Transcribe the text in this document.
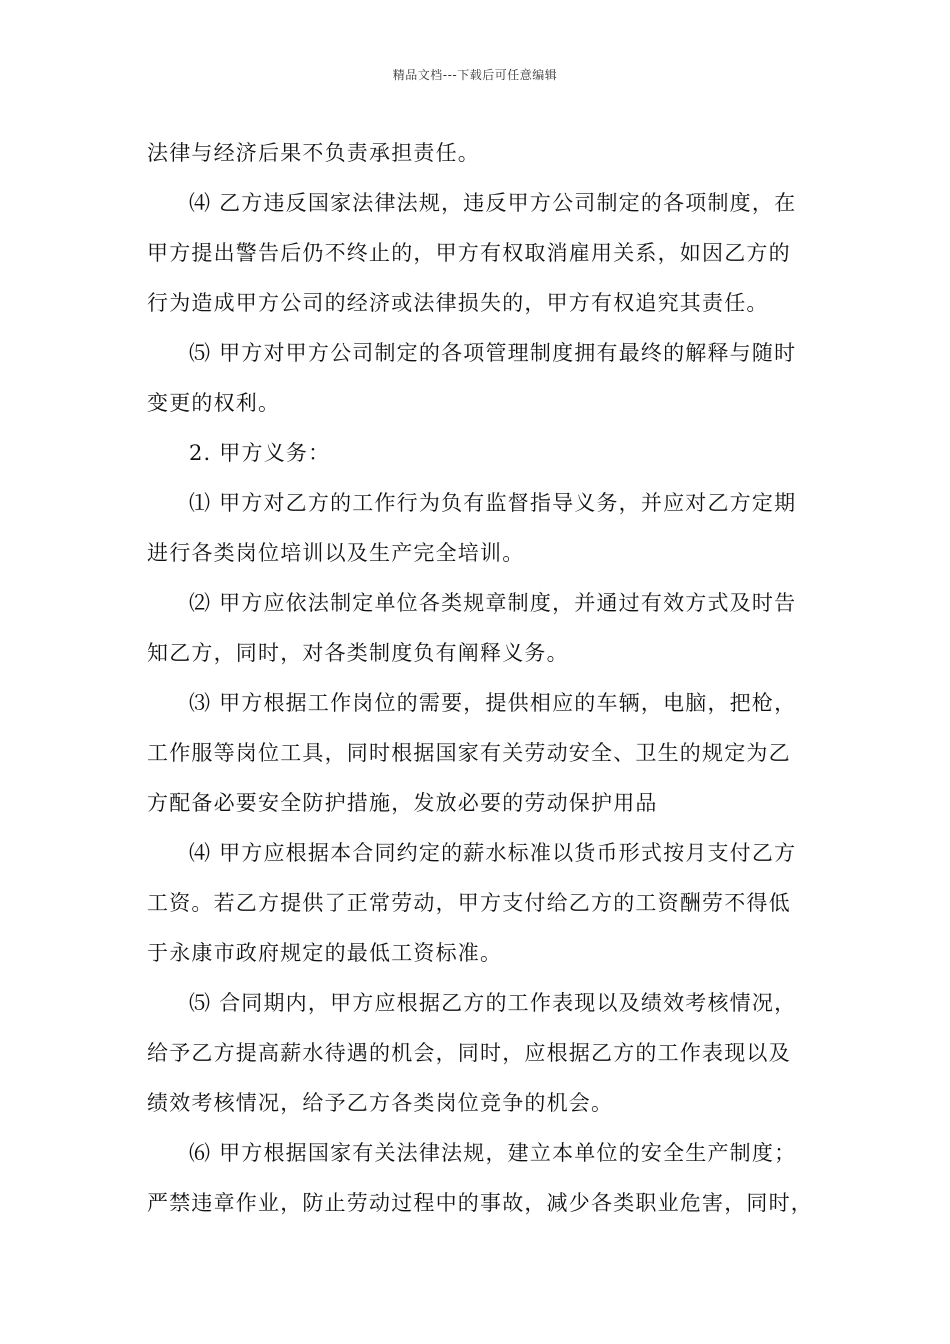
精品文档---下载后可任意编辑
法律与经济后果不负责承担责任。
⑷ 乙方违反国家法律法规，违反甲方公司制定的各项制度，在
甲方提出警告后仍不终止的，甲方有权取消雇用关系，如因乙方的
行为造成甲方公司的经济或法律损失的，甲方有权追究其责任。
⑸ 甲方对甲方公司制定的各项管理制度拥有最终的解释与随时
变更的权利。
2. 甲方义务：
⑴ 甲方对乙方的工作行为负有监督指导义务，并应对乙方定期
进行各类岗位培训以及生产完全培训。
⑵ 甲方应依法制定单位各类规章制度，并通过有效方式及时告
知乙方，同时，对各类制度负有阐释义务。
⑶ 甲方根据工作岗位的需要，提供相应的车辆，电脑，把枪，
工作服等岗位工具，同时根据国家有关劳动安全、卫生的规定为乙
方配备必要安全防护措施，发放必要的劳动保护用品
⑷ 甲方应根据本合同约定的薪水标准以货币形式按月支付乙方
工资。若乙方提供了正常劳动，甲方支付给乙方的工资酬劳不得低
于永康市政府规定的最低工资标准。
⑸ 合同期内，甲方应根据乙方的工作表现以及绩效考核情况，
给予乙方提高薪水待遇的机会，同时，应根据乙方的工作表现以及
绩效考核情况，给予乙方各类岗位竞争的机会。
⑹ 甲方根据国家有关法律法规，建立本单位的安全生产制度；
严禁违章作业，防止劳动过程中的事故，减少各类职业危害，同时，
